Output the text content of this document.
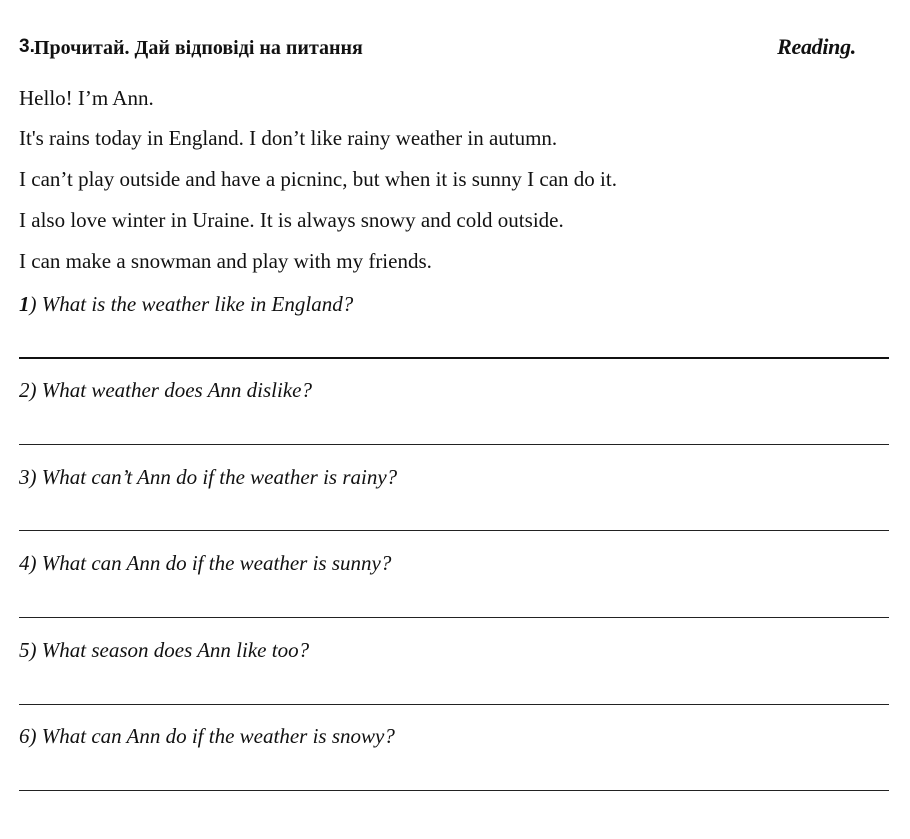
3. Прочитай. Дай відповіді на питання	Reading.
Hello! I’m Ann.
It's rains today in England. I don’t like rainy weather in autumn.
I can’t play outside and have a picninc, but when it is sunny I can do it.
I also love winter in Uraine. It is always snowy and cold outside.
I can make a snowman and play with my friends.
1) What is the weather like in England?
2) What weather does Ann dislike?
3) What can’t Ann do if the weather is rainy?
4) What can Ann do if the weather is sunny?
5) What season does Ann like too?
6) What can Ann do if the weather is snowy?
